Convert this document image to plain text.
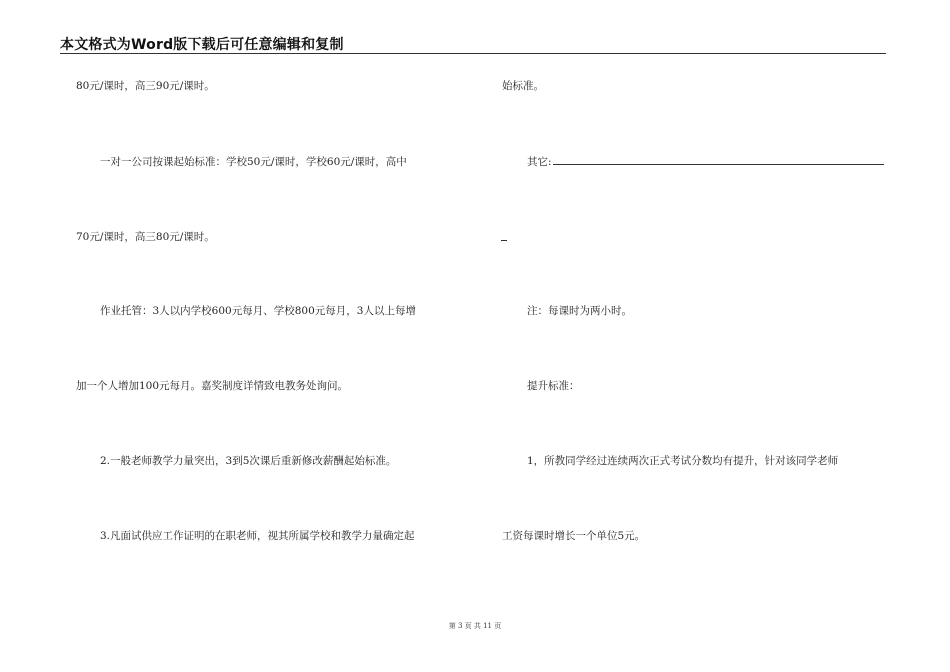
本文格式为Word版下载后可任意编辑和复制
80元/课时，高三90元/课时。
一对一公司按课起始标准：学校50元/课时，学校60元/课时，高中
70元/课时，高三80元/课时。
作业托管：3人以内学校600元每月、学校800元每月，3人以上每增
加一个人增加100元每月。嘉奖制度详情致电教务处询问。
2.一般老师教学力量突出，3到5次课后重新修改薪酬起始标准。
3.凡面试供应工作证明的在职老师，视其所属学校和教学力量确定起
始标准。
其它:
注：每课时为两小时。
提升标准：
1，所教同学经过连续两次正式考试分数均有提升，针对该同学老师
工资每课时增长一个单位5元。
第 3 页 共 11 页
